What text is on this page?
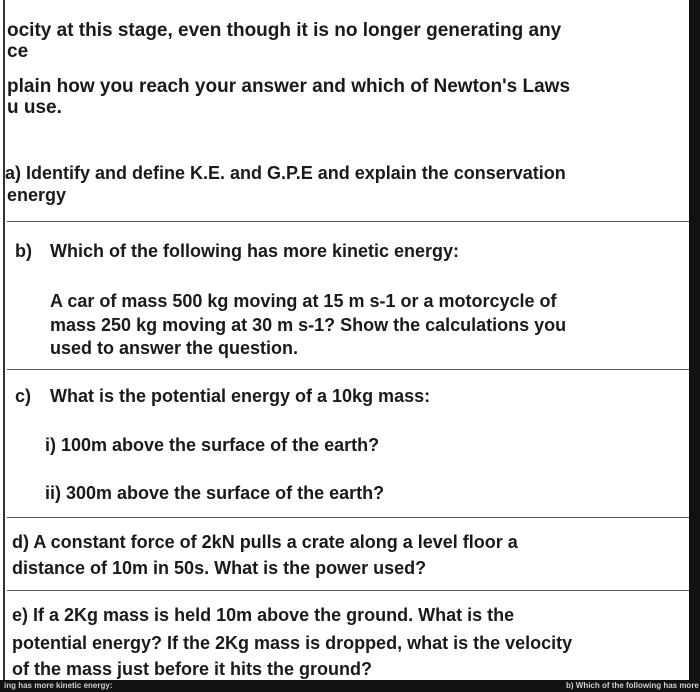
ocity at this stage, even though it is no longer generating any
ce
plain how you reach your answer and which of Newton's Laws
u use.
a) Identify and define K.E. and G.P.E and explain the conservation
energy
b) Which of the following has more kinetic energy:
A car of mass 500 kg moving at 15 m s-1 or a motorcycle of
mass 250 kg moving at 30 m s-1? Show the calculations you
used to answer the question.
c) What is the potential energy of a 10kg mass:
i) 100m above the surface of the earth?
ii) 300m above the surface of the earth?
d) A constant force of 2kN pulls a crate along a level floor a
distance of 10m in 50s. What is the power used?
e) If a 2Kg mass is held 10m above the ground. What is the
potential energy? If the 2Kg mass is dropped, what is the velocity
of the mass just before it hits the ground?
ing has more kinetic energy:	b) Which of the following has more
